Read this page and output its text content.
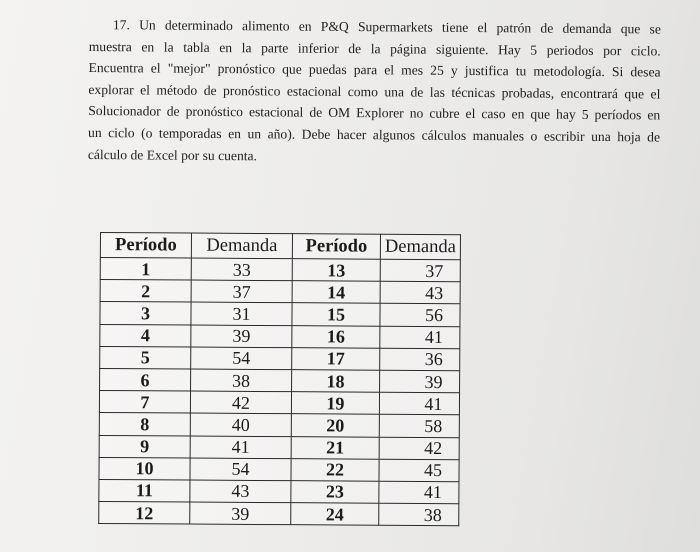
17. Un determinado alimento en P&Q Supermarkets tiene el patrón de demanda que se
muestra en la tabla en la parte inferior de la página siguiente. Hay 5 periodos por ciclo.
Encuentra el "mejor" pronóstico que puedas para el mes 25 y justifica tu metodología. Si desea
explorar el método de pronóstico estacional como una de las técnicas probadas, encontrará que el
Solucionador de pronóstico estacional de OM Explorer no cubre el caso en que hay 5 períodos en
un ciclo (o temporadas en un año). Debe hacer algunos cálculos manuales o escribir una hoja de
cálculo de Excel por su cuenta.
Período	Demanda	Período	Demanda
1	33	13	37
2	37	14	43
3	31	15	56
4	39	16	41
5	54	17	36
6	38	18	39
7	42	19	41
8	40	20	58
9	41	21	42
10	54	22	45
11	43	23	41
12	39	24	38
